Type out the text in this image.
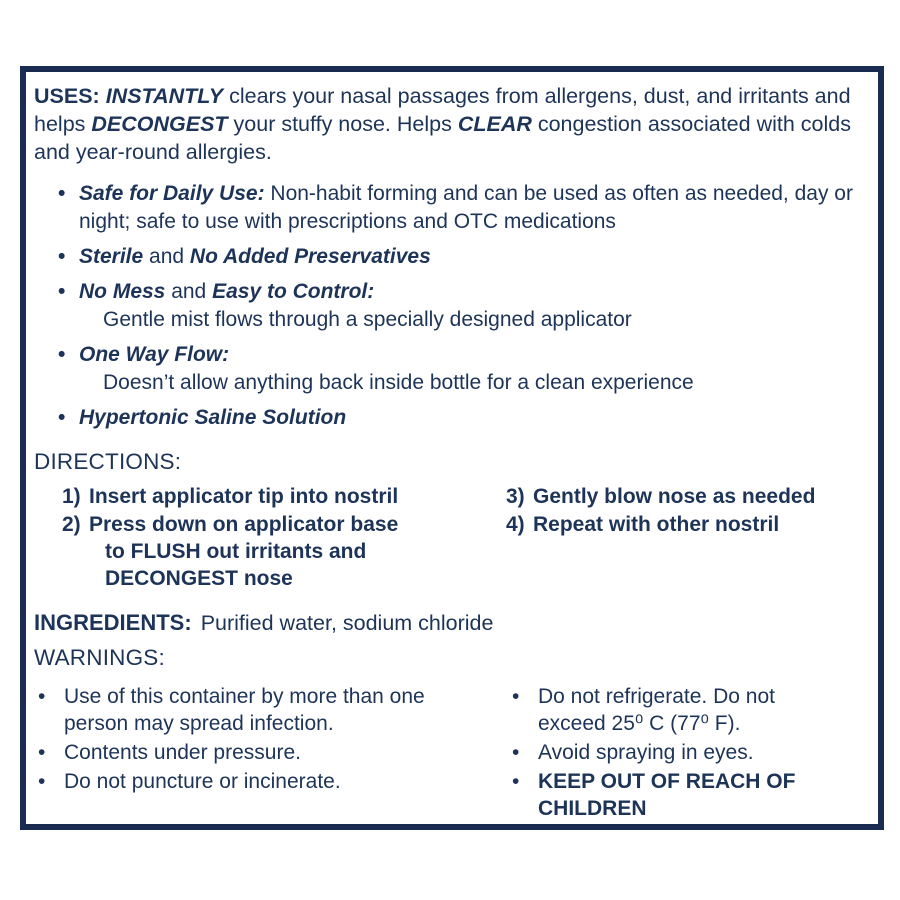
USES: INSTANTLY clears your nasal passages from allergens, dust, and irritants and helps DECONGEST your stuffy nose. Helps CLEAR congestion associated with colds and year-round allergies.

• Safe for Daily Use: Non-habit forming and can be used as often as needed, day or night; safe to use with prescriptions and OTC medications
• Sterile and No Added Preservatives
• No Mess and Easy to Control:
Gentle mist flows through a specially designed applicator
• One Way Flow:
Doesn’t allow anything back inside bottle for a clean experience
• Hypertonic Saline Solution
DIRECTIONS:
1) Insert applicator tip into nostril
2) Press down on applicator base
to FLUSH out irritants and
DECONGEST nose
3) Gently blow nose as needed
4) Repeat with other nostril

INGREDIENTS: Purified water, sodium chloride

WARNINGS:
• Use of this container by more than one person may spread infection.
• Contents under pressure.
• Do not puncture or incinerate.
• Do not refrigerate. Do not exceed 25⁰ C (77⁰ F).
• Avoid spraying in eyes.
• KEEP OUT OF REACH OF CHILDREN
